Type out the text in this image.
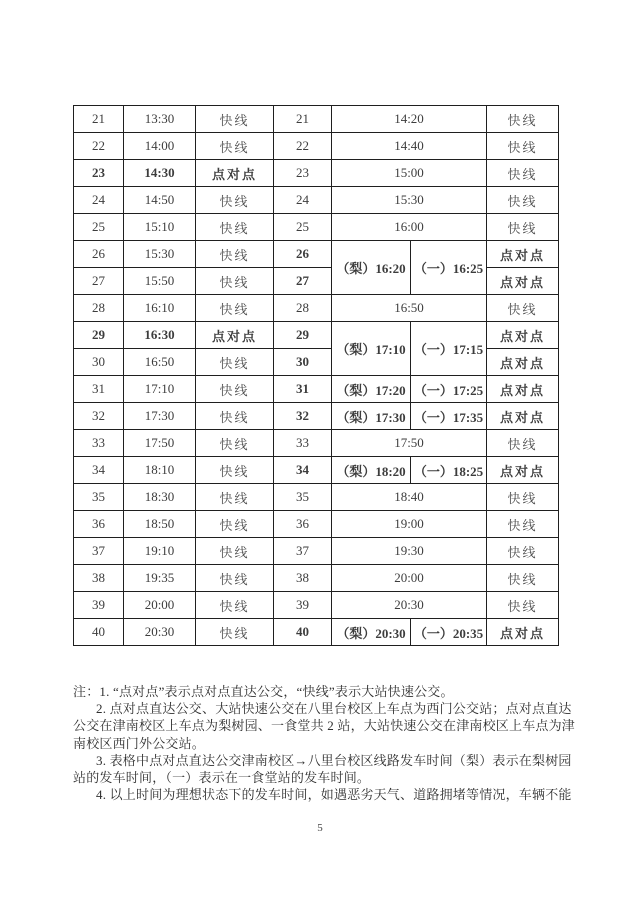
21	13:30	快线	21	14:20		快线
22	14:00	快线	22	14:40		快线
23	14:30	点对点	23	15:00		快线
24	14:50	快线	24	15:30		快线
25	15:10	快线	25	16:00		快线
26	15:30	快线	26	（梨）16:20	（一）16:25	点对点
27	15:50	快线	27			点对点
28	16:10	快线	28	16:50		快线
29	16:30	点对点	29	（梨）17:10	（一）17:15	点对点
30	16:50	快线	30			点对点
31	17:10	快线	31	（梨）17:20	（一）17:25	点对点
32	17:30	快线	32	（梨）17:30	（一）17:35	点对点
33	17:50	快线	33	17:50		快线
34	18:10	快线	34	（梨）18:20	（一）18:25	点对点
35	18:30	快线	35	18:40		快线
36	18:50	快线	36	19:00		快线
37	19:10	快线	37	19:30		快线
38	19:35	快线	38	20:00		快线
39	20:00	快线	39	20:30		快线
40	20:30	快线	40	（梨）20:30	（一）20:35	点对点
注：1. “点对点”表示点对点直达公交，“快线”表示大站快速公交。
2. 点对点直达公交、大站快速公交在八里台校区上车点为西门公交站；点对点直达
公交在津南校区上车点为梨树园、一食堂共 2 站，大站快速公交在津南校区上车点为津
南校区西门外公交站。
3. 表格中点对点直达公交津南校区→八里台校区线路发车时间（梨）表示在梨树园
站的发车时间，（一）表示在一食堂站的发车时间。
4. 以上时间为理想状态下的发车时间，如遇恶劣天气、道路拥堵等情况，车辆不能
5
